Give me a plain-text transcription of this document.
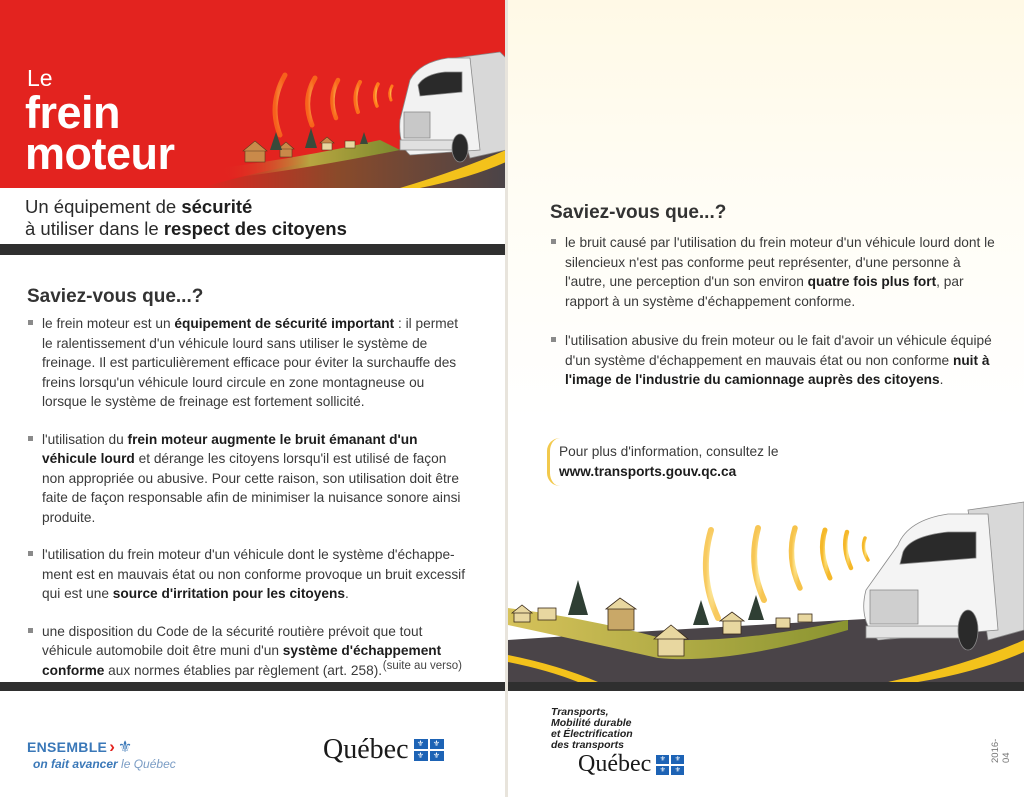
Le
frein
moteur
Un équipement de sécurité
à utiliser dans le respect des citoyens
Saviez-vous que...?
le frein moteur est un équipement de sécurité important : il permet le ralentissement d'un véhicule lourd sans utiliser le système de freinage. Il est particulièrement efficace pour éviter la surchauffe des freins lorsqu'un véhicule lourd circule en zone montagneuse ou lorsque le système de freinage est fortement sollicité.
l'utilisation du frein moteur augmente le bruit émanant d'un véhicule lourd et dérange les citoyens lorsqu'il est utilisé de façon non appropriée ou abusive. Pour cette raison, son utilisation doit être faite de façon responsable afin de minimiser la nuisance sonore ainsi produite.
l'utilisation du frein moteur d'un véhicule dont le système d'échappe-ment est en mauvais état ou non conforme provoque un bruit excessif qui est une source d'irritation pour les citoyens.
une disposition du Code de la sécurité routière prévoit que tout véhicule automobile doit être muni d'un système d'échappement conforme aux normes établies par règlement (art. 258). (suite au verso)
ENSEMBLE › ⚜
on fait avancer le Québec	Québec	⚜	⚜
⚜	⚜
Saviez-vous que...?
le bruit causé par l'utilisation du frein moteur d'un véhicule lourd dont le silencieux n'est pas conforme peut représenter, d'une personne à l'autre, une perception d'un son environ quatre fois plus fort, par rapport à un système d'échappement conforme.
l'utilisation abusive du frein moteur ou le fait d'avoir un véhicule équipé d'un système d'échappement en mauvais état ou non conforme nuit à l'image de l'industrie du camionnage auprès des citoyens.
Pour plus d'information, consultez le
www.transports.gouv.qc.ca
Transports,
Mobilité durable
et Électrification
des transports
Québec	⚜	⚜
⚜	⚜
2016-04
